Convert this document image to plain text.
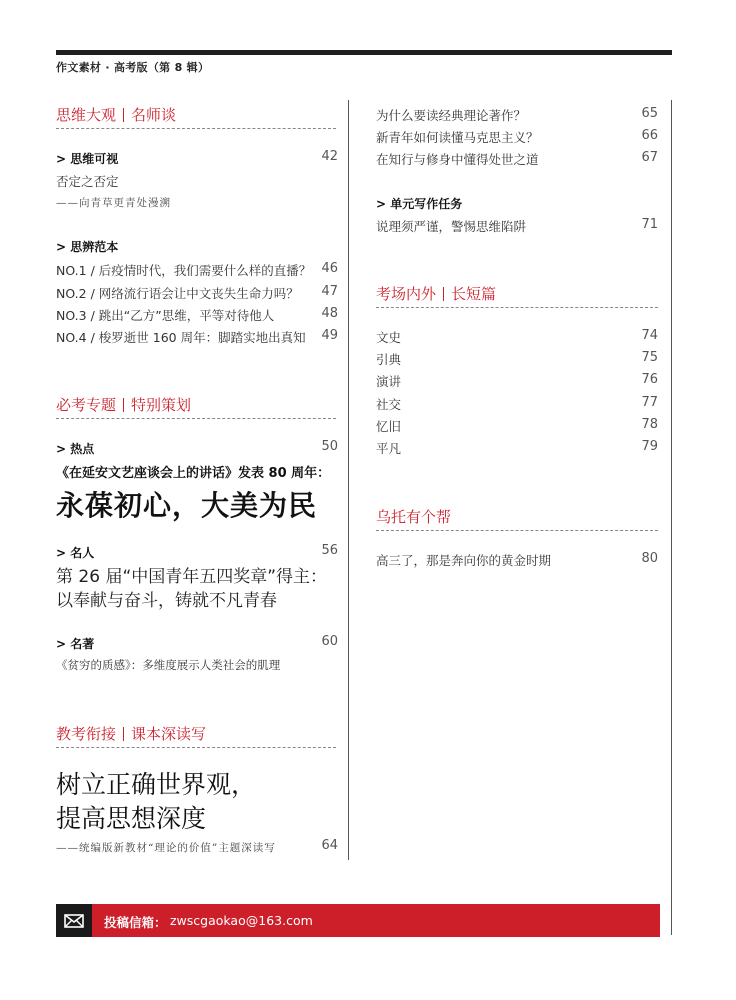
作文素材 · 高考版（第 8 辑）
思维大观 名师谈
> 思维可视	42
否定之否定
——向青草更青处漫溯
> 思辨范本
NO.1 / 后疫情时代，我们需要什么样的直播？ 46
NO.2 / 网络流行语会让中文丧失生命力吗？	47
NO.3 / 跳出“乙方”思维，平等对待他人	48
NO.4 / 梭罗逝世 160 周年：脚踏实地出真知	49
必考专题 特别策划
> 热点	50
《在延安文艺座谈会上的讲话》发表 80 周年：
永葆初心，大美为民
> 名人	56
第 26 届“中国青年五四奖章”得主：
以奉献与奋斗，铸就不凡青春
> 名著	60
《贫穷的质感》：多维度展示人类社会的肌理
教考衔接 课本深读写
树立正确世界观，
提高思想深度
——统编版新教材“理论的价值”主题深读写	64
为什么要读经典理论著作？	65
新青年如何读懂马克思主义？	66
在知行与修身中懂得处世之道	67
> 单元写作任务
说理须严谨，警惕思维陷阱	71
考场内外 长短篇
文史	74
引典	75
演讲	76
社交	77
忆旧	78
平凡	79
乌托有个帮
高三了，那是奔向你的黄金时期	80
投稿信箱： zwscgaokao@163.com
